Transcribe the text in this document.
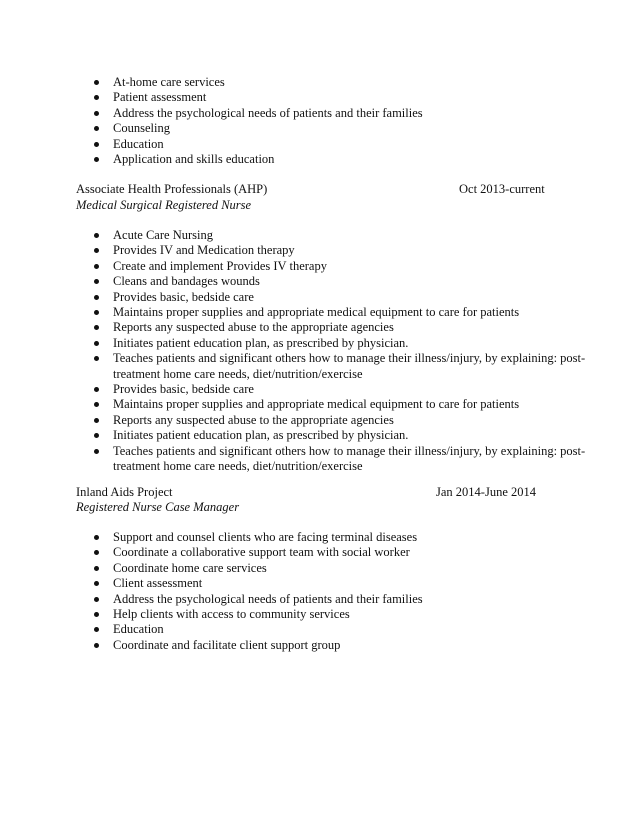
At-home care services
Patient assessment
Address the psychological needs of patients and their families
Counseling
Education
Application and skills education
Associate Health Professionals (AHP)	Oct 2013-current
Medical Surgical Registered Nurse
Acute Care Nursing
Provides IV and Medication therapy
Create and implement Provides IV therapy
Cleans and bandages wounds
Provides basic, bedside care
Maintains proper supplies and appropriate medical equipment to care for patients
Reports any suspected abuse to the appropriate agencies
Initiates patient education plan, as prescribed by physician.
Teaches patients and significant others how to manage their illness/injury, by explaining: post-treatment home care needs, diet/nutrition/exercise
Provides basic, bedside care
Maintains proper supplies and appropriate medical equipment to care for patients
Reports any suspected abuse to the appropriate agencies
Initiates patient education plan, as prescribed by physician.
Teaches patients and significant others how to manage their illness/injury, by explaining: post-treatment home care needs, diet/nutrition/exercise
Inland Aids Project	Jan 2014-June 2014
Registered Nurse Case Manager
Support and counsel clients who are facing terminal diseases
Coordinate a collaborative support team with social worker
Coordinate home care services
Client assessment
Address the psychological needs of patients and their families
Help clients with access to community services
Education
Coordinate and facilitate client support group
